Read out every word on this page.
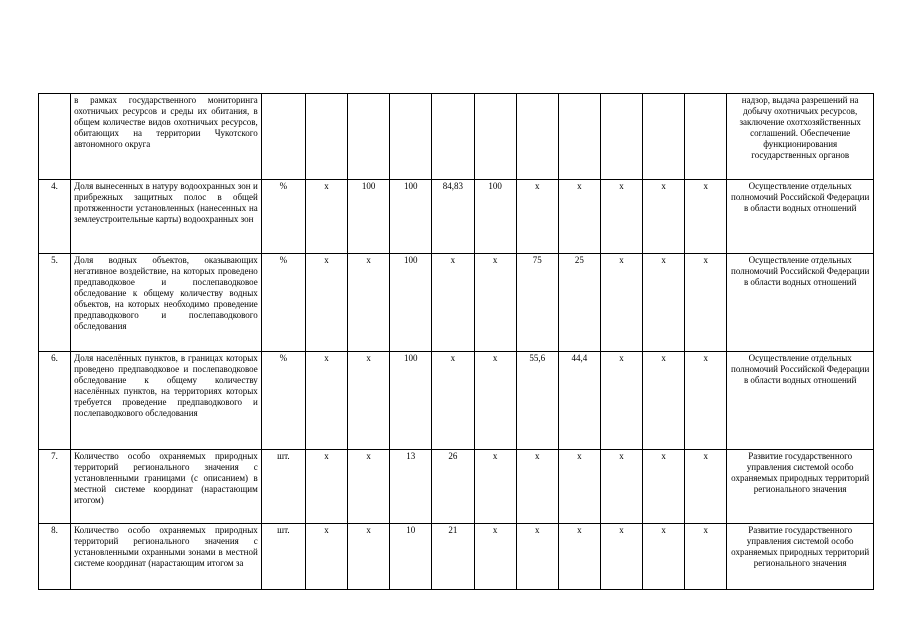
	в рамках государственного мониторинга охотничьих ресурсов и среды их обитания, в общем количестве видов охотничьих ресурсов, обитающих на территории Чукотского автономного округа												надзор, выдача разрешений на добычу охотничьих ресурсов, заключение охотхозяйственных соглашений. Обеспечение функционирования государственных органов
4.	Доля вынесенных в натуру водоохранных зон и прибрежных защитных полос в общей протяженности установленных (нанесенных на землеустроительные карты) водоохранных зон	%	х	100	100	84,83	100	х	х	х	х	х	Осуществление отдельных полномочий Российской Федерации в области водных отношений
5.	Доля водных объектов, оказывающих негативное воздействие, на которых проведено предпаводковое и послепаводковое обследование к общему количеству водных объектов, на которых необходимо проведение предпаводкового и послепаводкового обследования	%	х	х	100	х	х	75	25	х	х	х	Осуществление отдельных полномочий Российской Федерации в области водных отношений
6.	Доля населённых пунктов, в границах которых проведено предпаводковое и послепаводковое обследование к общему количеству населённых пунктов, на территориях которых требуется проведение предпаводкового и послепаводкового обследования	%	х	х	100	х	х	55,6	44,4	х	х	х	Осуществление отдельных полномочий Российской Федерации в области водных отношений
7.	Количество особо охраняемых природных территорий регионального значения с установленными границами (с описанием) в местной системе координат (нарастающим итогом)	шт.	х	х	13	26	х	х	х	х	х	х	Развитие государственного управления системой особо охраняемых природных территорий регионального значения
8.	Количество особо охраняемых природных территорий регионального значения с установленными охранными зонами в местной системе координат (нарастающим итогом за	шт.	х	х	10	21	х	х	х	х	х	х	Развитие государственного управления системой особо охраняемых природных территорий регионального значения
